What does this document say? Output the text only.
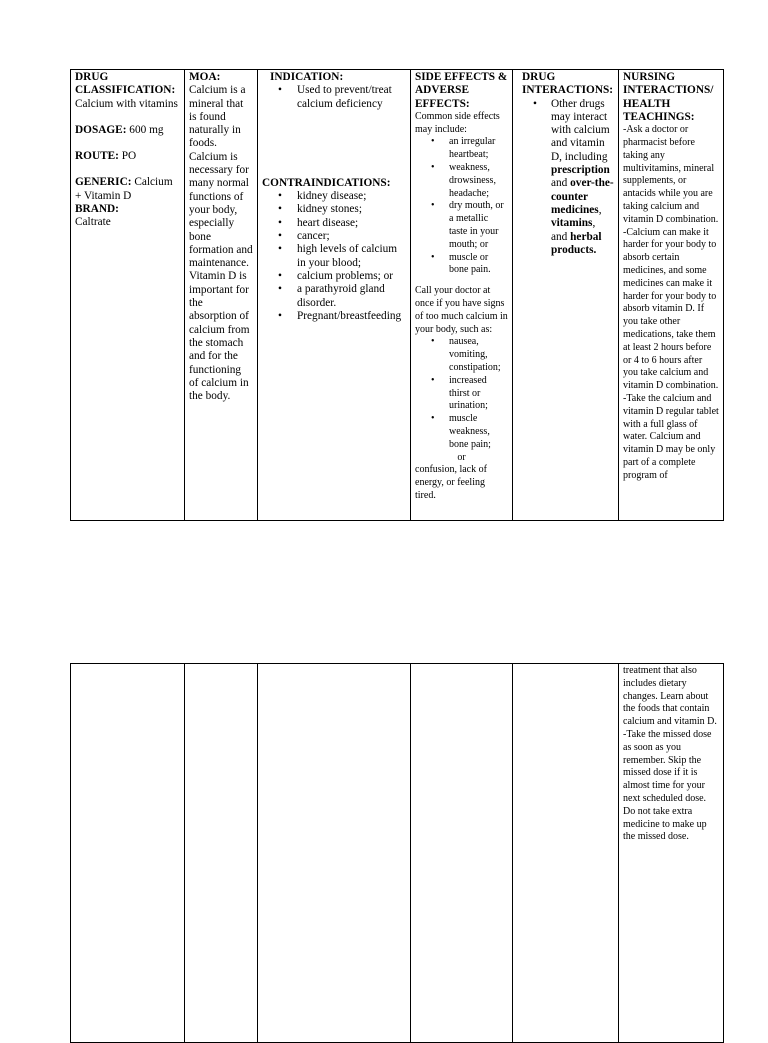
DRUG CLASSIFICATION:
Calcium with vitamins
DOSAGE: 600 mg
ROUTE: PO
GENERIC: Calcium + Vitamin D
BRAND:
Caltrate

MOA:
Calcium is a mineral that is found naturally in foods. Calcium is necessary for many normal functions of your body, especially bone formation and maintenance. Vitamin D is important for the absorption of calcium from the stomach and for the functioning of calcium in the body.

INDICATION:
• Used to prevent/treat calcium deficiency
CONTRAINDICATIONS:
• kidney disease;
• kidney stones;
• heart disease;
• cancer;
• high levels of calcium in your blood;
• calcium problems; or
• a parathyroid gland disorder.
• Pregnant/breastfeeding

SIDE EFFECTS & ADVERSE EFFECTS:
Common side effects may include:
• an irregular heartbeat;
• weakness, drowsiness, headache;
• dry mouth, or a metallic taste in your mouth; or
• muscle or bone pain.
Call your doctor at once if you have signs of too much calcium in your body, such as:
• nausea, vomiting, constipation;
• increased thirst or urination;
• muscle weakness, bone pain;
or
confusion, lack of energy, or feeling tired.

DRUG INTERACTIONS:
• Other drugs may interact with calcium and vitamin D, including prescription and over-the-counter medicines, vitamins, and herbal products.

NURSING INTERACTIONS/ HEALTH TEACHINGS:
-Ask a doctor or pharmacist before taking any multivitamins, mineral supplements, or antacids while you are taking calcium and vitamin D combination. -Calcium can make it harder for your body to absorb certain medicines, and some medicines can make it harder for your body to absorb vitamin D. If you take other medications, take them at least 2 hours before or 4 to 6 hours after you take calcium and vitamin D combination. -Take the calcium and vitamin D regular tablet with a full glass of water. Calcium and vitamin D may be only part of a complete program of

treatment that also includes dietary changes. Learn about the foods that contain calcium and vitamin D. -Take the missed dose as soon as you remember. Skip the missed dose if it is almost time for your next scheduled dose. Do not take extra medicine to make up the missed dose.
